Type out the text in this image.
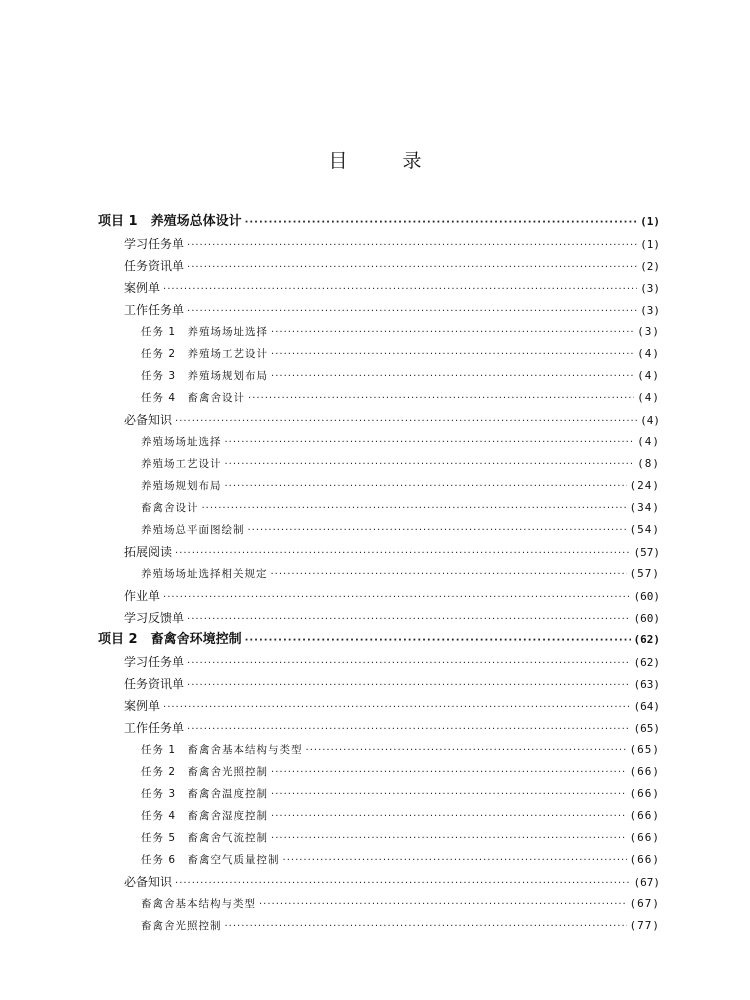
目　录
项目 1　养殖场总体设计 ·····	(1)
学习任务单 ·····	(1)
任务资讯单 ·····	(2)
案例单 ·····	(3)
工作任务单 ·····	(3)
任务 1　养殖场场址选择 ·····	(3)
任务 2　养殖场工艺设计 ·····	(4)
任务 3　养殖场规划布局 ·····	(4)
任务 4　畜禽舍设计 ·····	(4)
必备知识 ·····	(4)
养殖场场址选择 ·····	(4)
养殖场工艺设计 ·····	(8)
养殖场规划布局 ·····	(24)
畜禽舍设计 ·····	(34)
养殖场总平面图绘制 ·····	(54)
拓展阅读 ·····	(57)
养殖场场址选择相关规定 ·····	(57)
作业单 ·····	(60)
学习反馈单 ·····	(60)
项目 2　畜禽舍环境控制 ·····	(62)
学习任务单 ·····	(62)
任务资讯单 ·····	(63)
案例单 ·····	(64)
工作任务单 ·····	(65)
任务 1　畜禽舍基本结构与类型 ·····	(65)
任务 2　畜禽舍光照控制 ·····	(66)
任务 3　畜禽舍温度控制 ·····	(66)
任务 4　畜禽舍湿度控制 ·····	(66)
任务 5　畜禽舍气流控制 ·····	(66)
任务 6　畜禽空气质量控制 ·····	(66)
必备知识 ·····	(67)
畜禽舍基本结构与类型 ·····	(67)
畜禽舍光照控制 ·····	(77)
